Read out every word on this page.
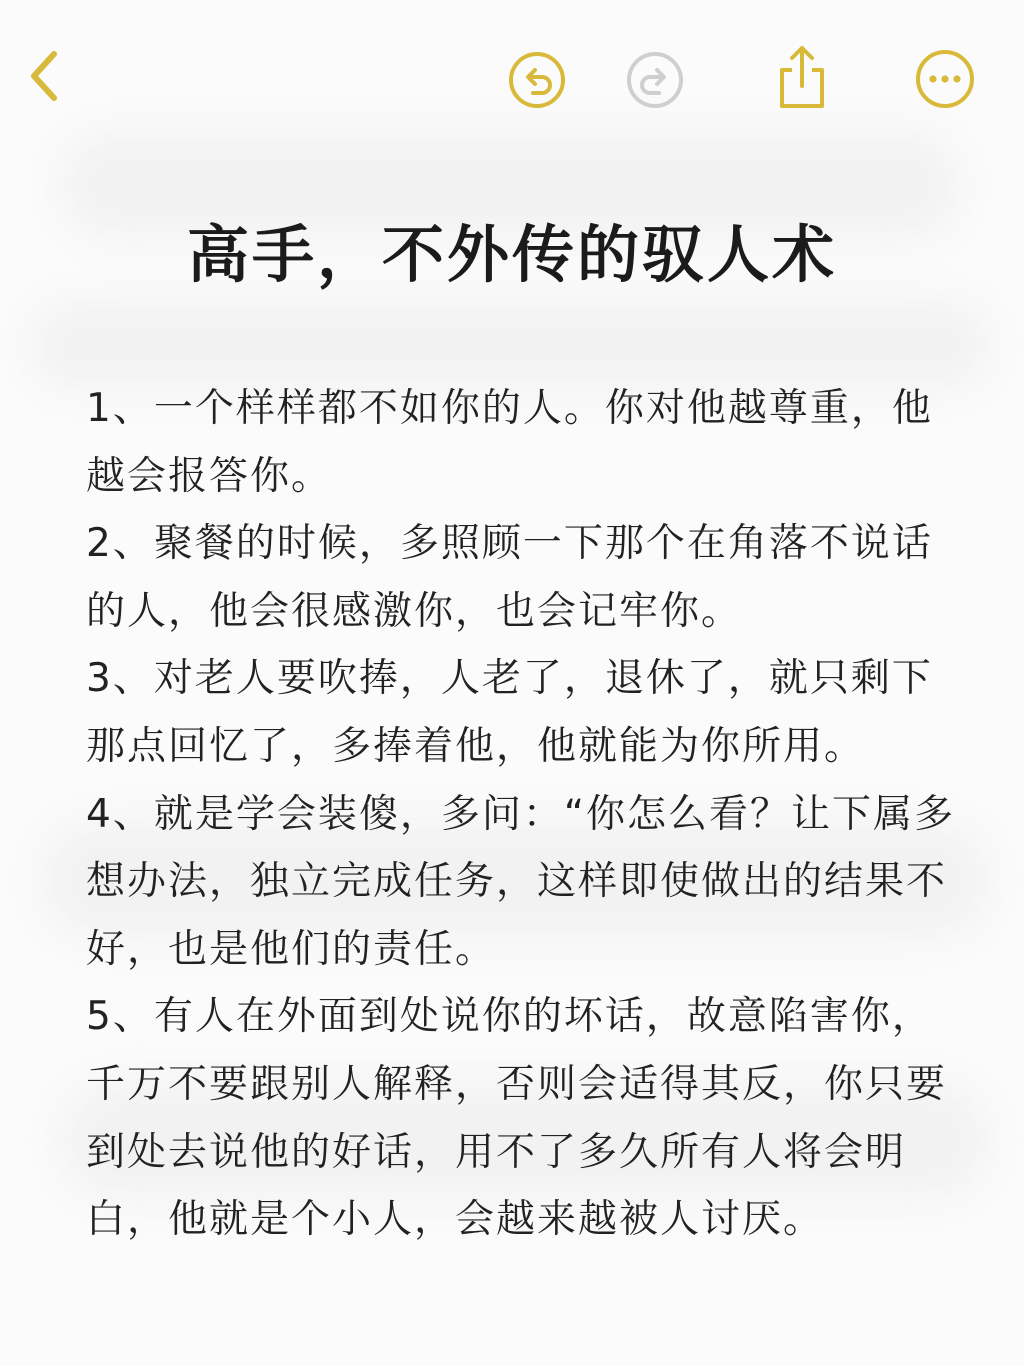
高手，不外传的驭人术
1、一个样样都不如你的人。你对他越尊重，他越会报答你。
2、聚餐的时候，多照顾一下那个在角落不说话的人，他会很感激你，也会记牢你。
3、对老人要吹捧，人老了，退休了，就只剩下那点回忆了，多捧着他，他就能为你所用。
4、就是学会装傻，多问：“你怎么看？让下属多想办法，独立完成任务，这样即使做出的结果不好，也是他们的责任。
5、有人在外面到处说你的坏话，故意陷害你，千万不要跟别人解释，否则会适得其反，你只要到处去说他的好话，用不了多久所有人将会明白，他就是个小人，会越来越被人讨厌。
